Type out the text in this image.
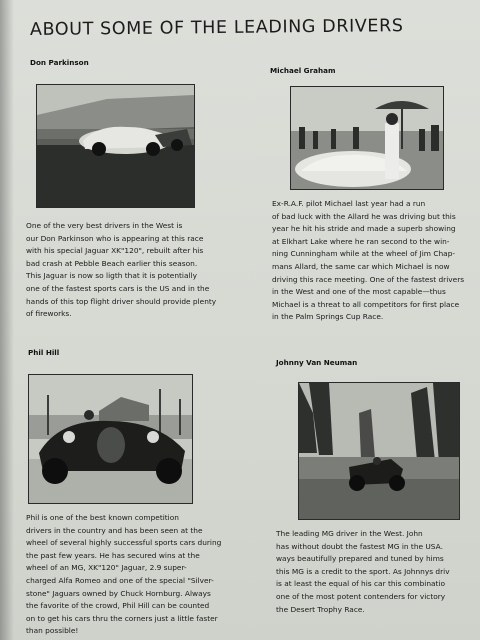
ABOUT SOME OF THE LEADING DRIVERS
Don Parkinson
One of the very best drivers in the West is
our Don Parkinson who is appearing at this race
with his special Jaguar XK"120", rebuilt after his
bad crash at Pebble Beach earlier this season.
This Jaguar is now so ligth that it is potentially
one of the fastest sports cars is the US and in the
hands of this top flight driver should provide plenty
of fireworks.
Michael Graham
Ex-R.A.F. pilot Michael last year had a run
of bad luck with the Allard he was driving but this
year he hit his stride and made a superb showing
at Elkhart Lake where he ran second to the win-
ning Cunningham while at the wheel of Jim Chap-
mans Allard, the same car which Michael is now
driving this race meeting. One of the fastest drivers
in the West and one of the most capable—thus
Michael is a threat to all competitors for first place
in the Palm Springs Cup Race.
Phil Hill
Phil is one of the best known competition
drivers in the country and has been seen at the
wheel of several highly successful sports cars during
the past few years. He has secured wins at the
wheel of an MG, XK"120" Jaguar, 2.9 super-
charged Alfa Romeo and one of the special "Silver-
stone" Jaguars owned by Chuck Hornburg. Always
the favorite of the crowd, Phil Hill can be counted
on to get his cars thru the corners just a little faster
than possible!
Johnny Van Neuman
The leading MG driver in the West. John
has without doubt the fastest MG in the USA.
ways beautifully prepared and tuned by hims
this MG is a credit to the sport. As Johnnys driv
is at least the equal of his car this combinatio
one of the most potent contenders for victory
the Desert Trophy Race.
